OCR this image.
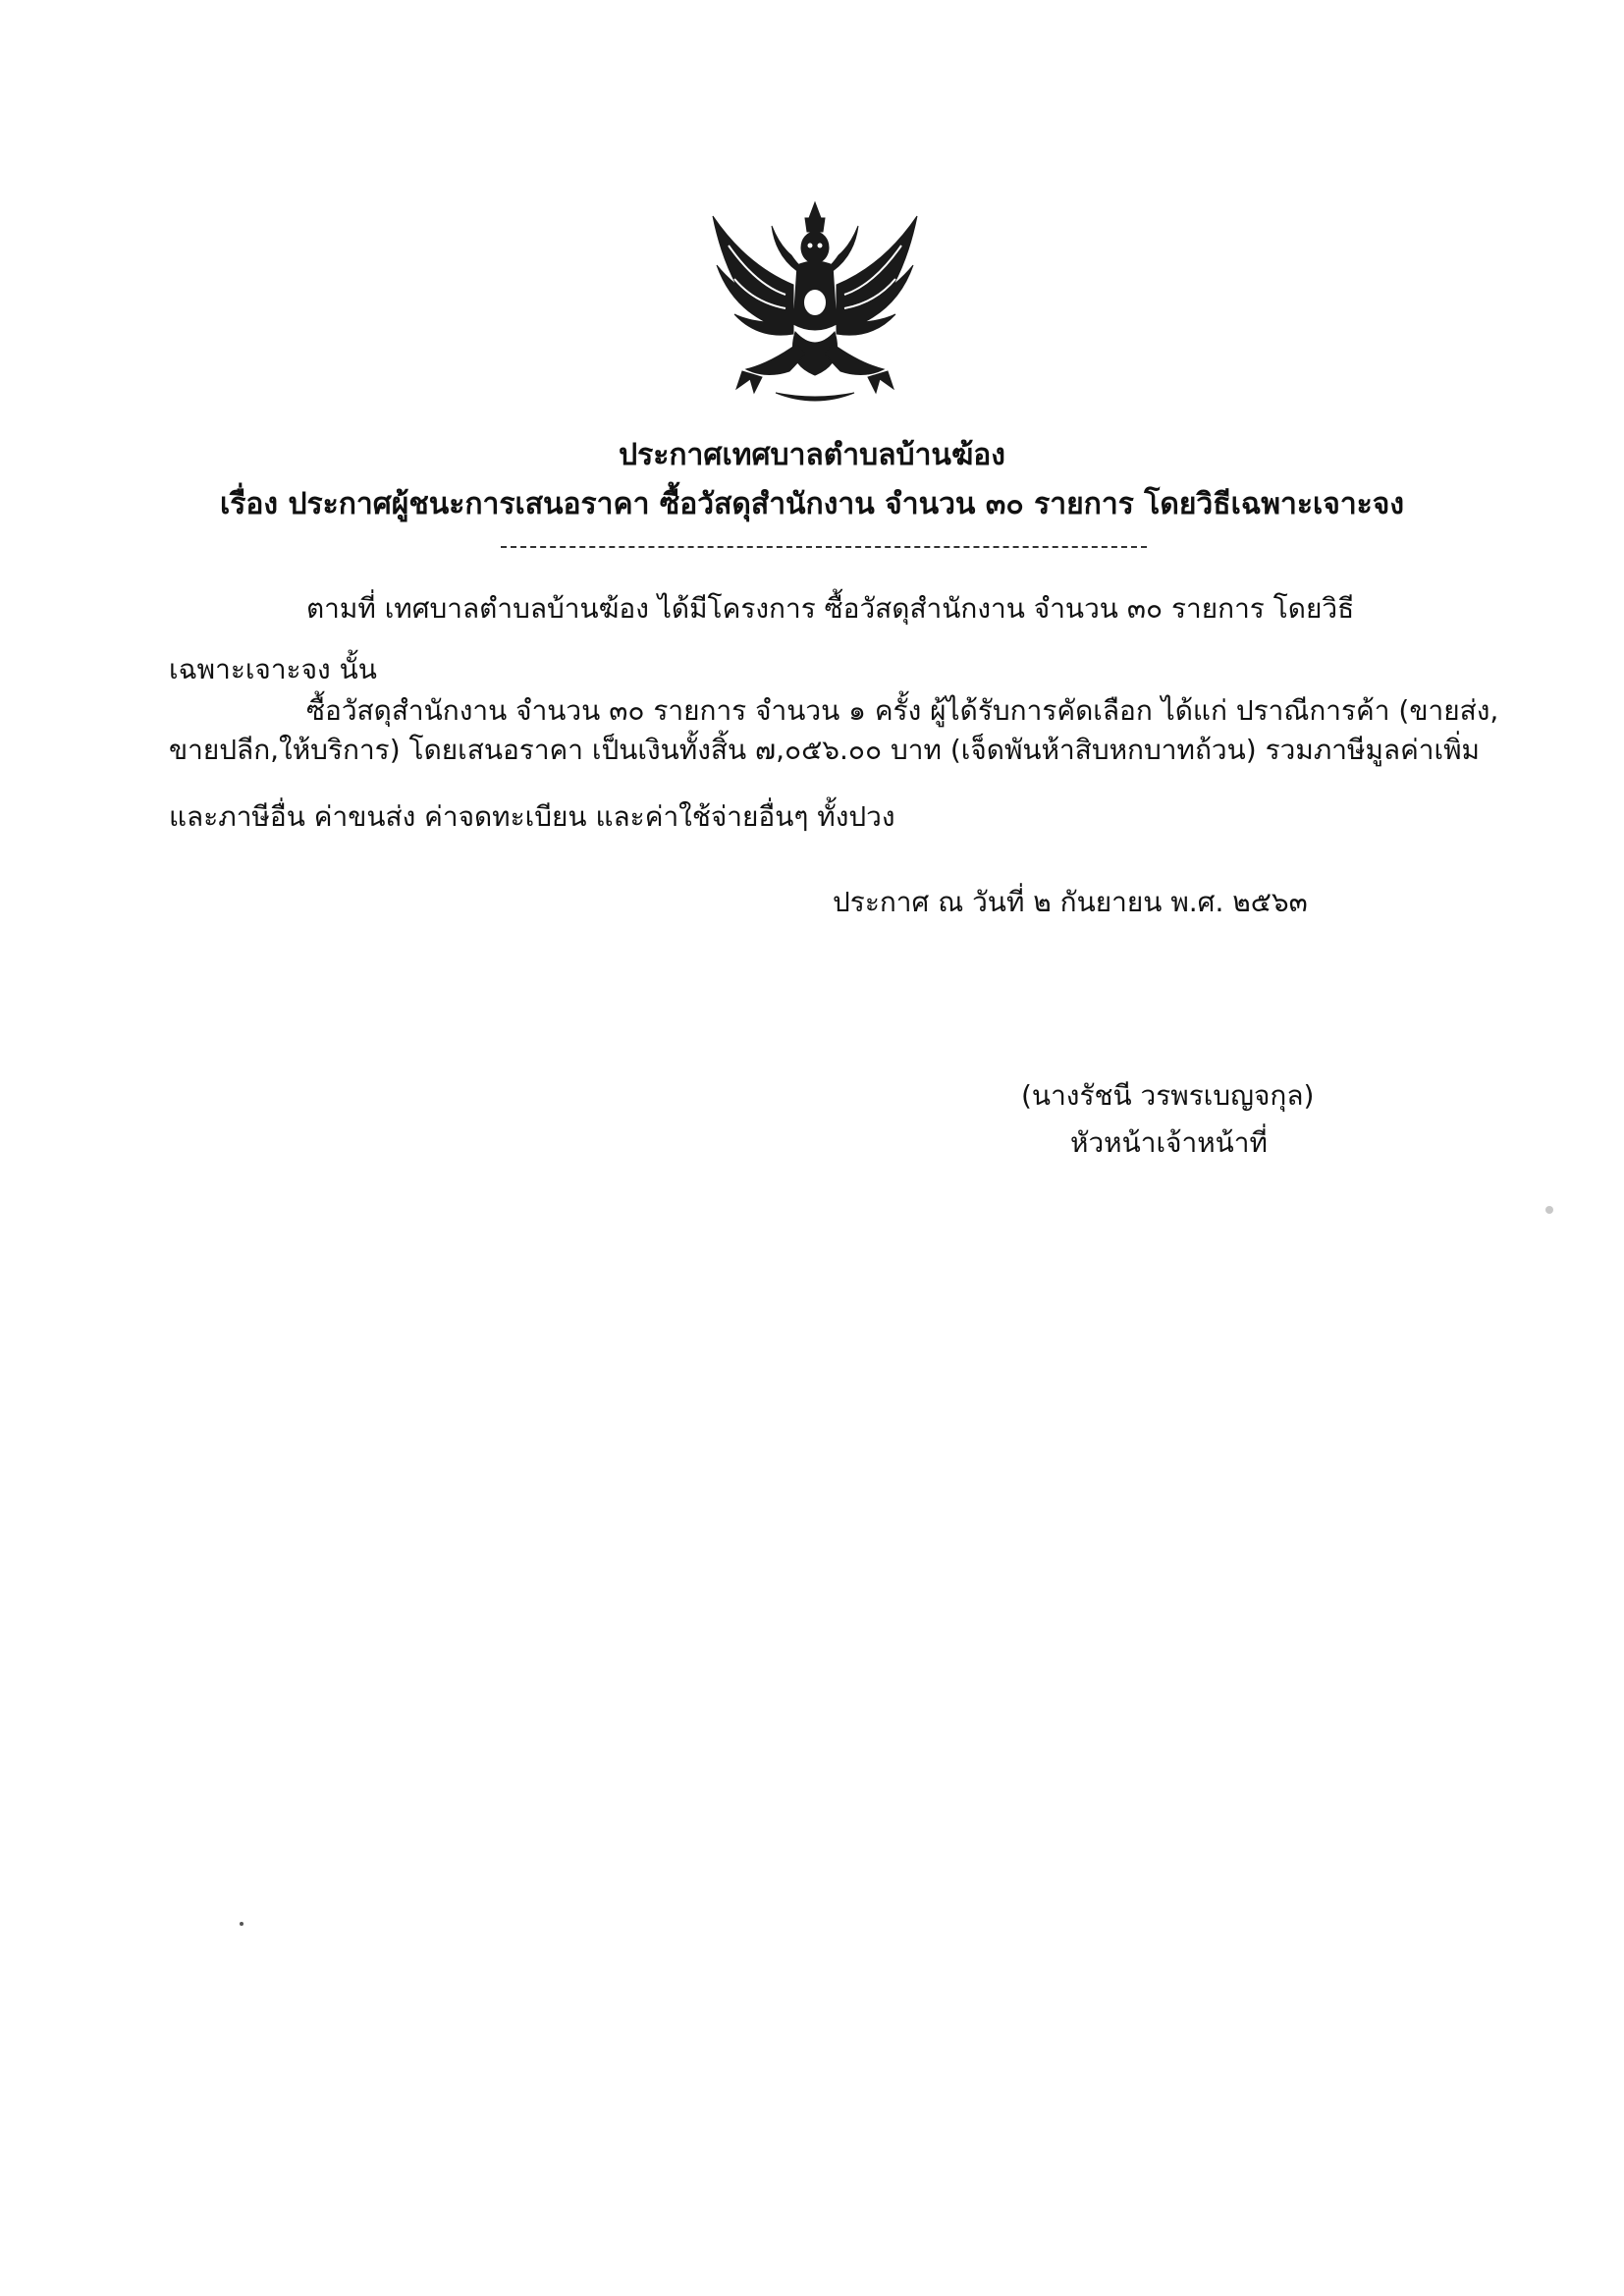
ประกาศเทศบาลตำบลบ้านฆ้อง
เรื่อง ประกาศผู้ชนะการเสนอราคา ซื้อวัสดุสำนักงาน จำนวน ๓๐ รายการ โดยวิธีเฉพาะเจาะจง
ตามที่ เทศบาลตำบลบ้านฆ้อง ได้มีโครงการ ซื้อวัสดุสำนักงาน จำนวน ๓๐ รายการ โดยวิธี
เฉพาะเจาะจง นั้น
ซื้อวัสดุสำนักงาน จำนวน ๓๐ รายการ จำนวน ๑ ครั้ง ผู้ได้รับการคัดเลือก ได้แก่ ปราณีการค้า (ขายส่ง,
ขายปลีก,ให้บริการ) โดยเสนอราคา เป็นเงินทั้งสิ้น ๗,๐๕๖.๐๐ บาท (เจ็ดพันห้าสิบหกบาทถ้วน) รวมภาษีมูลค่าเพิ่ม
และภาษีอื่น ค่าขนส่ง ค่าจดทะเบียน และค่าใช้จ่ายอื่นๆ ทั้งปวง
ประกาศ ณ วันที่ ๒ กันยายน พ.ศ. ๒๕๖๓
(นางรัชนี วรพรเบญจกุล)
หัวหน้าเจ้าหน้าที่
